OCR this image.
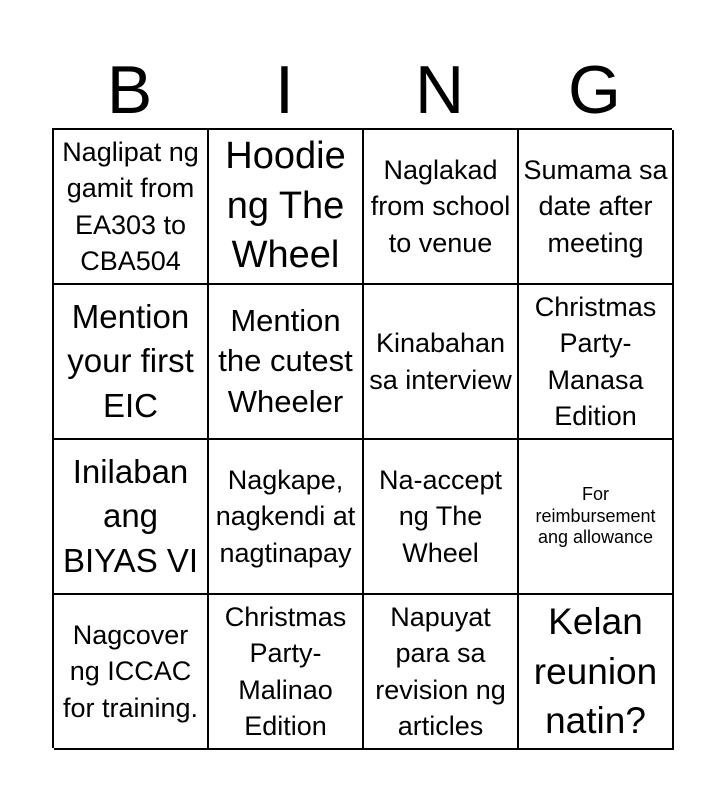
B	I	N	G
Naglipat ng gamit from EA303 to CBA504
Hoodie ng The Wheel
Naglakad from school to venue
Sumama sa date after meeting
Mention your first EIC
Mention the cutest Wheeler
Kinabahan sa interview
Christmas Party-Manasa Edition
Inilaban ang BIYAS VI
Nagkape, nagkendi at nagtinapay
Na-accept ng The Wheel
For reimbursement ang allowance
Nagcover ng ICCAC for training.
Christmas Party-Malinao Edition
Napuyat para sa revision ng articles
Kelan reunion natin?
